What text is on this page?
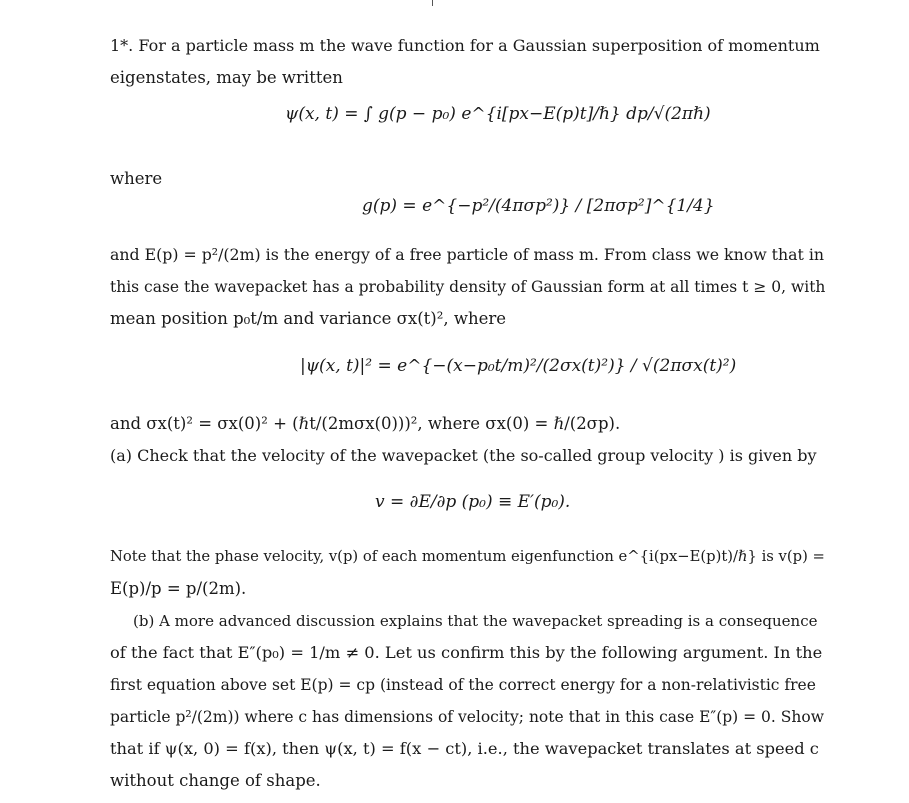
1*. For a particle mass m the wave function for a Gaussian superposition of momentum
eigenstates, may be written
ψ(x, t) = ∫ g(p − p₀) e^{i[px−E(p)t]/ℏ} dp/√(2πℏ)
where
g(p) = e^{−p²/(4πσp²)} / [2πσp²]^{1/4}
and E(p) = p²/(2m) is the energy of a free particle of mass m. From class we know that in
this case the wavepacket has a probability density of Gaussian form at all times t ≥ 0, with
mean position p₀t/m and variance σx(t)², where
|ψ(x, t)|² = e^{−(x−p₀t/m)²/(2σx(t)²)} / √(2πσx(t)²)
and σx(t)² = σx(0)² + (ℏt/(2mσx(0)))², where σx(0) = ℏ/(2σp).
(a) Check that the velocity of the wavepacket (the so-called group velocity ) is given by
v = ∂E/∂p (p₀) ≡ E′(p₀).
Note that the phase velocity, v(p) of each momentum eigenfunction e^{i(px−E(p)t)/ℏ} is v(p) =
E(p)/p = p/(2m).
(b) A more advanced discussion explains that the wavepacket spreading is a consequence
of the fact that E″(p₀) = 1/m ≠ 0. Let us confirm this by the following argument. In the
first equation above set E(p) = cp (instead of the correct energy for a non-relativistic free
particle p²/(2m)) where c has dimensions of velocity; note that in this case E″(p) = 0. Show
that if ψ(x, 0) = f(x), then ψ(x, t) = f(x − ct), i.e., the wavepacket translates at speed c
without change of shape.
